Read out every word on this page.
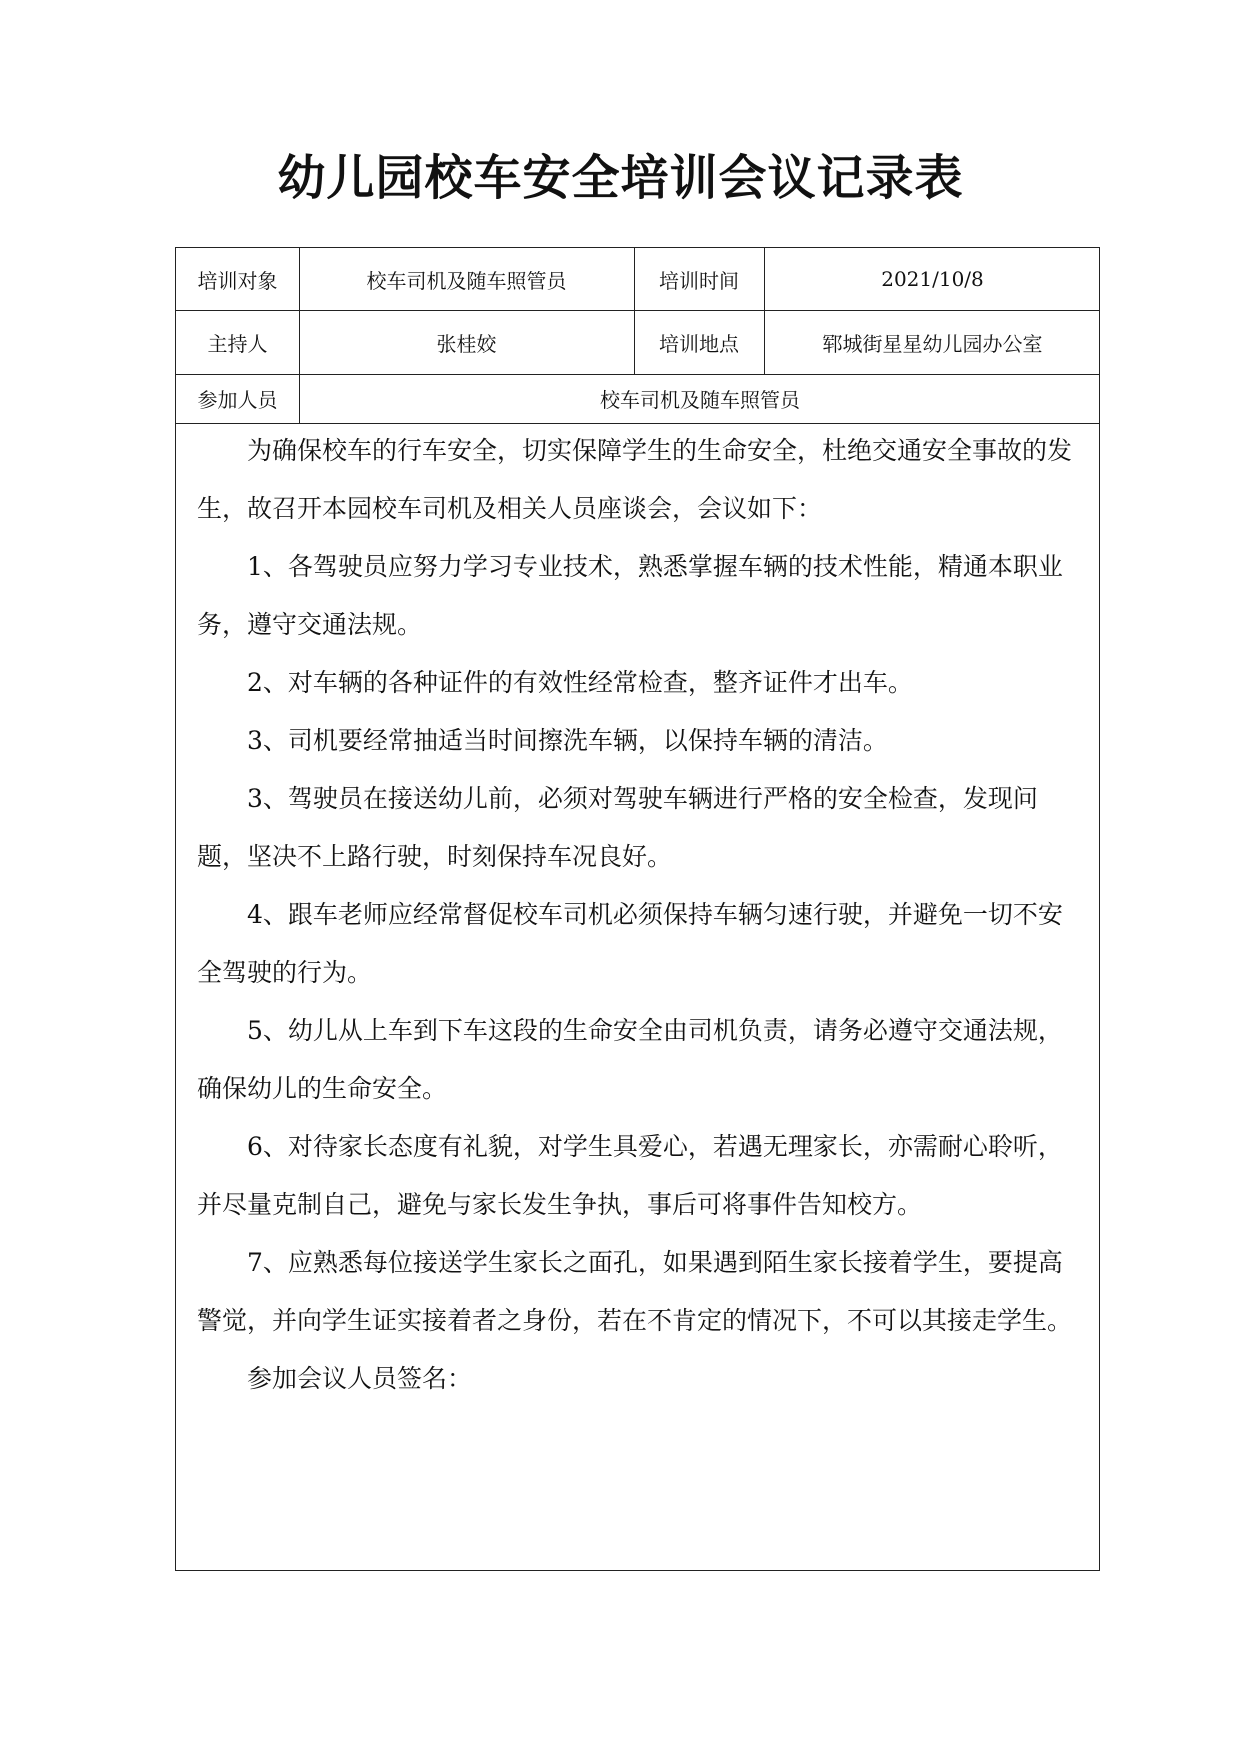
幼儿园校车安全培训会议记录表
培训对象	校车司机及随车照管员	培训时间	2021/10/8
主持人	张桂姣	培训地点	郓城街星星幼儿园办公室
参加人员	校车司机及随车照管员

为确保校车的行车安全，切实保障学生的生命安全，杜绝交通安全事故的发生，故召开本园校车司机及相关人员座谈会，会议如下：

1、各驾驶员应努力学习专业技术，熟悉掌握车辆的技术性能，精通本职业务，遵守交通法规。

2、对车辆的各种证件的有效性经常检查，整齐证件才出车。

3、司机要经常抽适当时间擦洗车辆，以保持车辆的清洁。

3、驾驶员在接送幼儿前，必须对驾驶车辆进行严格的安全检查，发现问题，坚决不上路行驶，时刻保持车况良好。

4、跟车老师应经常督促校车司机必须保持车辆匀速行驶，并避免一切不安全驾驶的行为。

5、幼儿从上车到下车这段的生命安全由司机负责，请务必遵守交通法规，确保幼儿的生命安全。

6、对待家长态度有礼貌，对学生具爱心，若遇无理家长，亦需耐心聆听，并尽量克制自己，避免与家长发生争执，事后可将事件告知校方。

7、应熟悉每位接送学生家长之面孔，如果遇到陌生家长接着学生，要提高警觉，并向学生证实接着者之身份，若在不肯定的情况下，不可以其接走学生。

参加会议人员签名：
